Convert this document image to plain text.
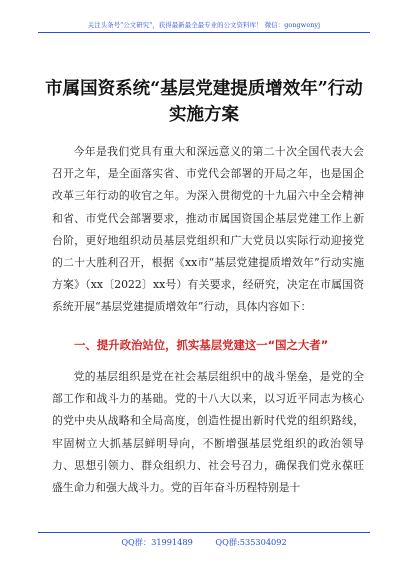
关注头条号"公文研究"，获得最新最全最专业的公文资料库！ 微信：gongwenyj
市属国资系统“基层党建提质增效年”行动实施方案
今年是我们党具有重大和深远意义的第二十次全国代表大会召开之年，是全面落实省、市党代会部署的开局之年，也是国企改革三年行动的收官之年。为深入贯彻党的十九届六中全会精神和省、市党代会部署要求，推动市属国资国企基层党建工作上新台阶，更好地组织动员基层党组织和广大党员以实际行动迎接党的二十大胜利召开，根据《xx市“基层党建提质增效年”行动实施方案》（xx〔2022〕xx号）有关要求，经研究，决定在市属国资系统开展“基层党建提质增效年”行动，具体内容如下：
一、提升政治站位，抓实基层党建这一“国之大者”
党的基层组织是党在社会基层组织中的战斗堡垒，是党的全部工作和战斗力的基础。党的十八大以来，以习近平同志为核心的党中央从战略和全局高度，创造性提出新时代党的组织路线，牢固树立大抓基层鲜明导向，不断增强基层党组织的政治领导力、思想引领力、群众组织力、社会号召力，确保我们党永葆旺盛生命力和强大战斗力。党的百年奋斗历程特别是十
QQ群：31991489	QQ群:535304092
